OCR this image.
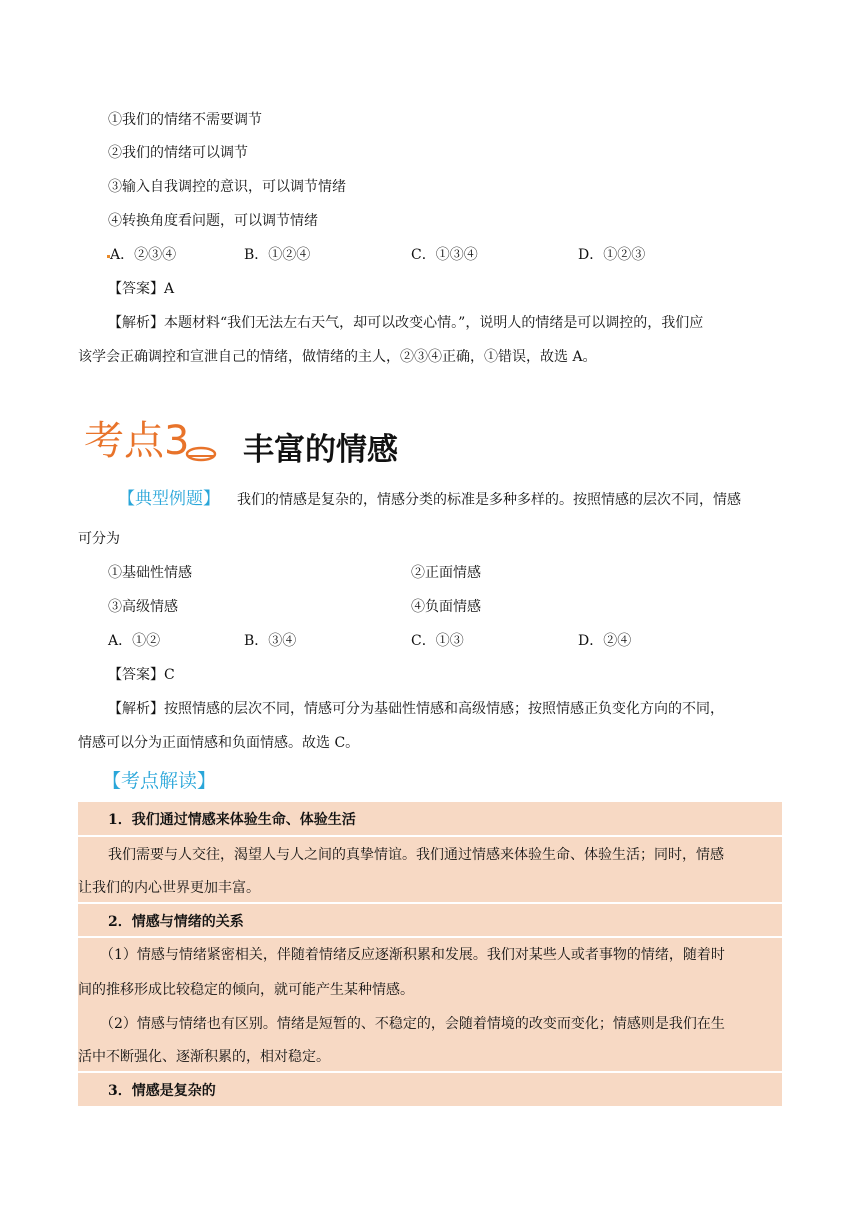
①我们的情绪不需要调节
②我们的情绪可以调节
③输入自我调控的意识，可以调节情绪
④转换角度看问题，可以调节情绪
A．②③④	B．①②④	C．①③④	D．①②③
【答案】A
【解析】本题材料“我们无法左右天气，却可以改变心情。”，说明人的情绪是可以调控的，我们应
该学会正确调控和宣泄自己的情绪，做情绪的主人，②③④正确，①错误，故选 A。
考点3 丰富的情感
【典型例题】 我们的情感是复杂的，情感分类的标准是多种多样的。按照情感的层次不同，情感
可分为
①基础性情感	②正面情感
③高级情感	④负面情感
A．①②	B．③④	C．①③	D．②④
【答案】C
【解析】按照情感的层次不同，情感可分为基础性情感和高级情感；按照情感正负变化方向的不同，
情感可以分为正面情感和负面情感。故选 C。
【考点解读】
1．我们通过情感来体验生命、体验生活
我们需要与人交往，渴望人与人之间的真挚情谊。我们通过情感来体验生命、体验生活；同时，情感
让我们的内心世界更加丰富。
2．情感与情绪的关系
（1）情感与情绪紧密相关，伴随着情绪反应逐渐积累和发展。我们对某些人或者事物的情绪，随着时
间的推移形成比较稳定的倾向，就可能产生某种情感。
（2）情感与情绪也有区别。情绪是短暂的、不稳定的，会随着情境的改变而变化；情感则是我们在生
活中不断强化、逐渐积累的，相对稳定。
3．情感是复杂的
